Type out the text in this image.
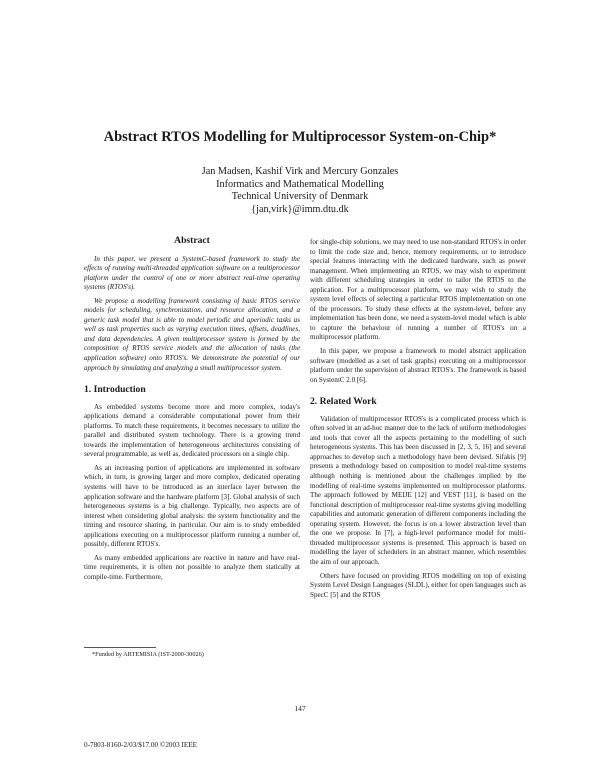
Abstract RTOS Modelling for Multiprocessor System-on-Chip*
Jan Madsen, Kashif Virk and Mercury Gonzales
Informatics and Mathematical Modelling
Technical University of Denmark
{jan,virk}@imm.dtu.dk
Abstract

In this paper, we present a SystemC-based framework to study the effects of running multi-threaded application software on a multiprocessor platform under the control of one or more abstract real-time operating systems (RTOS's).

We propose a modelling framework consisting of basic RTOS service models for scheduling, synchronization, and resource allocation, and a generic task model that is able to model periodic and aperiodic tasks as well as task properties such as varying execution times, offsets, deadlines, and data dependencies. A given multiprocessor system is formed by the composition of RTOS service models and the allocation of tasks (the application software) onto RTOS's. We demonstrate the potential of our approach by simulating and analyzing a small multiprocessor system.

1. Introduction

As embedded systems become more and more complex, today's applications demand a considerable computational power from their platforms. To match these requirements, it becomes necessary to utilize the parallel and distributed system technology. There is a growing trend towards the implementation of heterogeneous architectures consisting of several programmable, as well as, dedicated processors on a single chip.

As an increasing portion of applications are implemented in software which, in turn, is growing larger and more complex, dedicated operating systems will have to be introduced as an interface layer between the application software and the hardware platform [3]. Global analysis of such heterogeneous systems is a big challenge. Typically, two aspects are of interest when considering global analysis: the system functionality and the timing and resource sharing, in particular. Our aim is to study embedded applications executing on a multiprocessor platform running a number of, possibly, different RTOS's.

As many embedded applications are reactive in nature and have real-time requirements, it is often not possible to analyze them statically at compile-time. Furthermore,

for single-chip solutions, we may need to use non-standard RTOS's in order to limit the code size and, hence, memory requirements, or to introduce special features interacting with the dedicated hardware, such as power management. When implementing an RTOS, we may wish to experiment with different scheduling strategies in order to tailor the RTOS to the application. For a multiprocessor platform, we may wish to study the system level effects of selecting a particular RTOS implementation on one of the processors. To study these effects at the system-level, before any implementation has been done, we need a system-level model which is able to capture the behaviour of running a number of RTOS's on a multiprocessor platform.

In this paper, we propose a framework to model abstract application software (modelled as a set of task graphs) executing on a multiprocessor platform under the supervision of abstract RTOS's. The framework is based on SystemC 2.0 [6].

2. Related Work

Validation of multiprocessor RTOS's is a complicated process which is often solved in an ad-hoc manner due to the lack of uniform methodologies and tools that cover all the aspects pertaining to the modelling of such heterogeneous systems. This has been discussed in [2, 3, 5, 16] and several approaches to develop such a methodology have been devised. Sifakis [9] presents a methodology based on composition to model real-time systems although nothing is mentioned about the challenges implied by the modelling of real-time systems implemented on multiprocessor platforms. The approach followed by MEIJE [12] and VEST [11], is based on the functional description of multiprocessor real-time systems giving modelling capabilities and automatic generation of different components including the operating system. However, the focus is on a lower abstraction level than the one we propose. In [7], a high-level performance model for multi-threaded multiprocessor systems is presented. This approach is based on modelling the layer of schedulers in an abstract manner, which resembles the aim of our approach.

Others have focused on providing RTOS modelling on top of existing System Level Design Languages (SLDL), either for open languages such as SpecC [5] and the RTOS

*Funded by ARTEMISIA (IST-2000-30026)
147
0-7803-8160-2/03/$17.00 ©2003 IEEE
